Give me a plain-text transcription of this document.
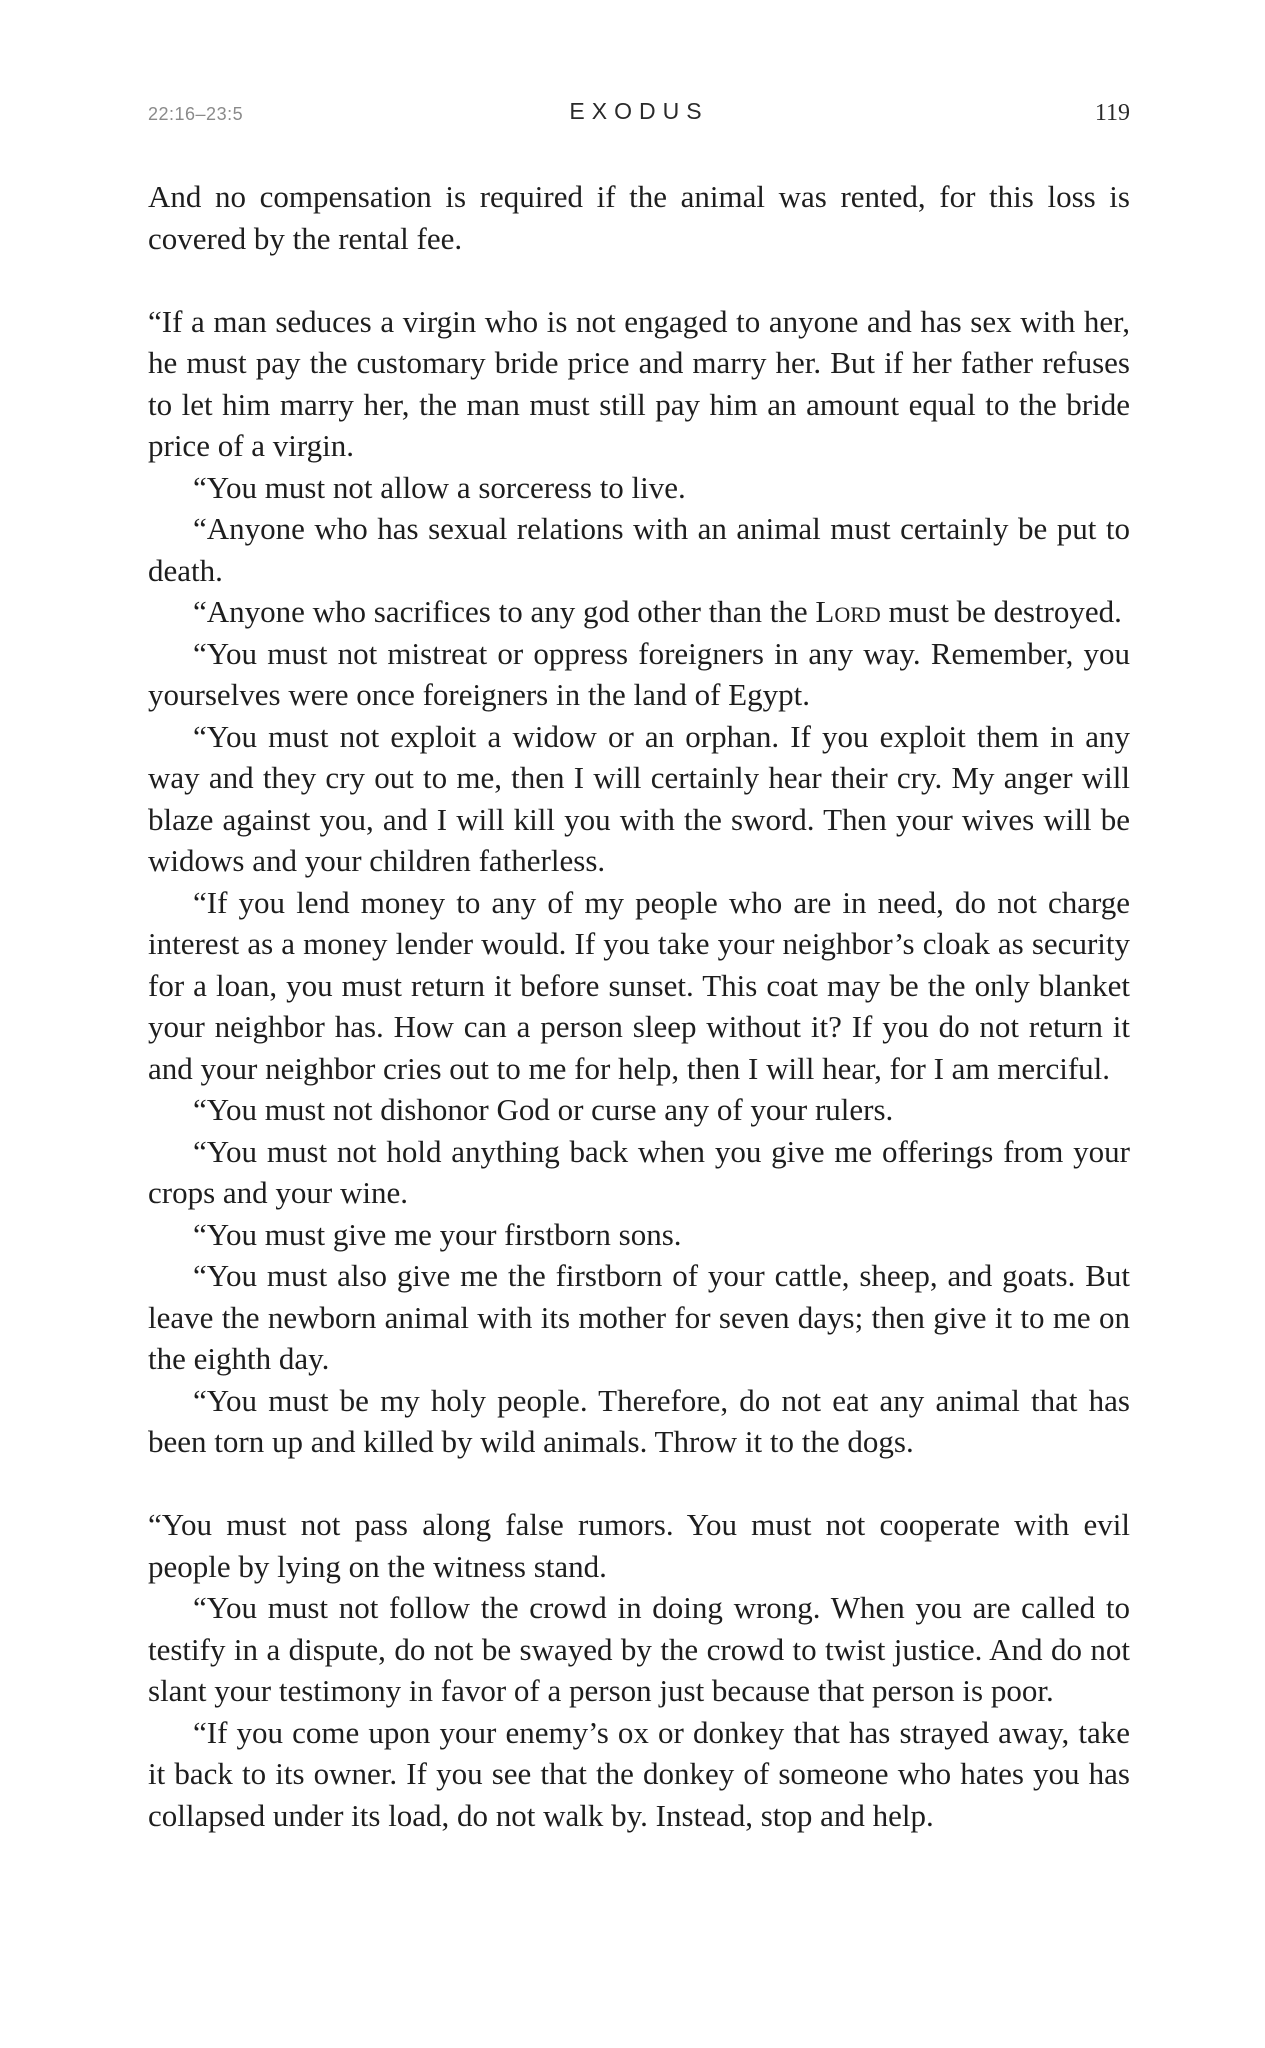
22:16–23:5	EXODUS	119

And no compensation is required if the animal was rented, for this loss is covered by the rental fee.

“If a man seduces a virgin who is not engaged to anyone and has sex with her, he must pay the customary bride price and marry her. But if her father refuses to let him marry her, the man must still pay him an amount equal to the bride price of a virgin.

“You must not allow a sorceress to live.

“Anyone who has sexual relations with an animal must certainly be put to death.

“Anyone who sacrifices to any god other than the Lord must be destroyed.

“You must not mistreat or oppress foreigners in any way. Remember, you yourselves were once foreigners in the land of Egypt.

“You must not exploit a widow or an orphan. If you exploit them in any way and they cry out to me, then I will certainly hear their cry. My anger will blaze against you, and I will kill you with the sword. Then your wives will be widows and your children fatherless.

“If you lend money to any of my people who are in need, do not charge interest as a money lender would. If you take your neighbor’s cloak as security for a loan, you must return it before sunset. This coat may be the only blanket your neighbor has. How can a person sleep without it? If you do not return it and your neighbor cries out to me for help, then I will hear, for I am merciful.

“You must not dishonor God or curse any of your rulers.

“You must not hold anything back when you give me offerings from your crops and your wine.

“You must give me your firstborn sons.

“You must also give me the firstborn of your cattle, sheep, and goats. But leave the newborn animal with its mother for seven days; then give it to me on the eighth day.

“You must be my holy people. Therefore, do not eat any animal that has been torn up and killed by wild animals. Throw it to the dogs.

“You must not pass along false rumors. You must not cooperate with evil people by lying on the witness stand.

“You must not follow the crowd in doing wrong. When you are called to testify in a dispute, do not be swayed by the crowd to twist justice. And do not slant your testimony in favor of a person just because that person is poor.

“If you come upon your enemy’s ox or donkey that has strayed away, take it back to its owner. If you see that the donkey of someone who hates you has collapsed under its load, do not walk by. Instead, stop and help.
